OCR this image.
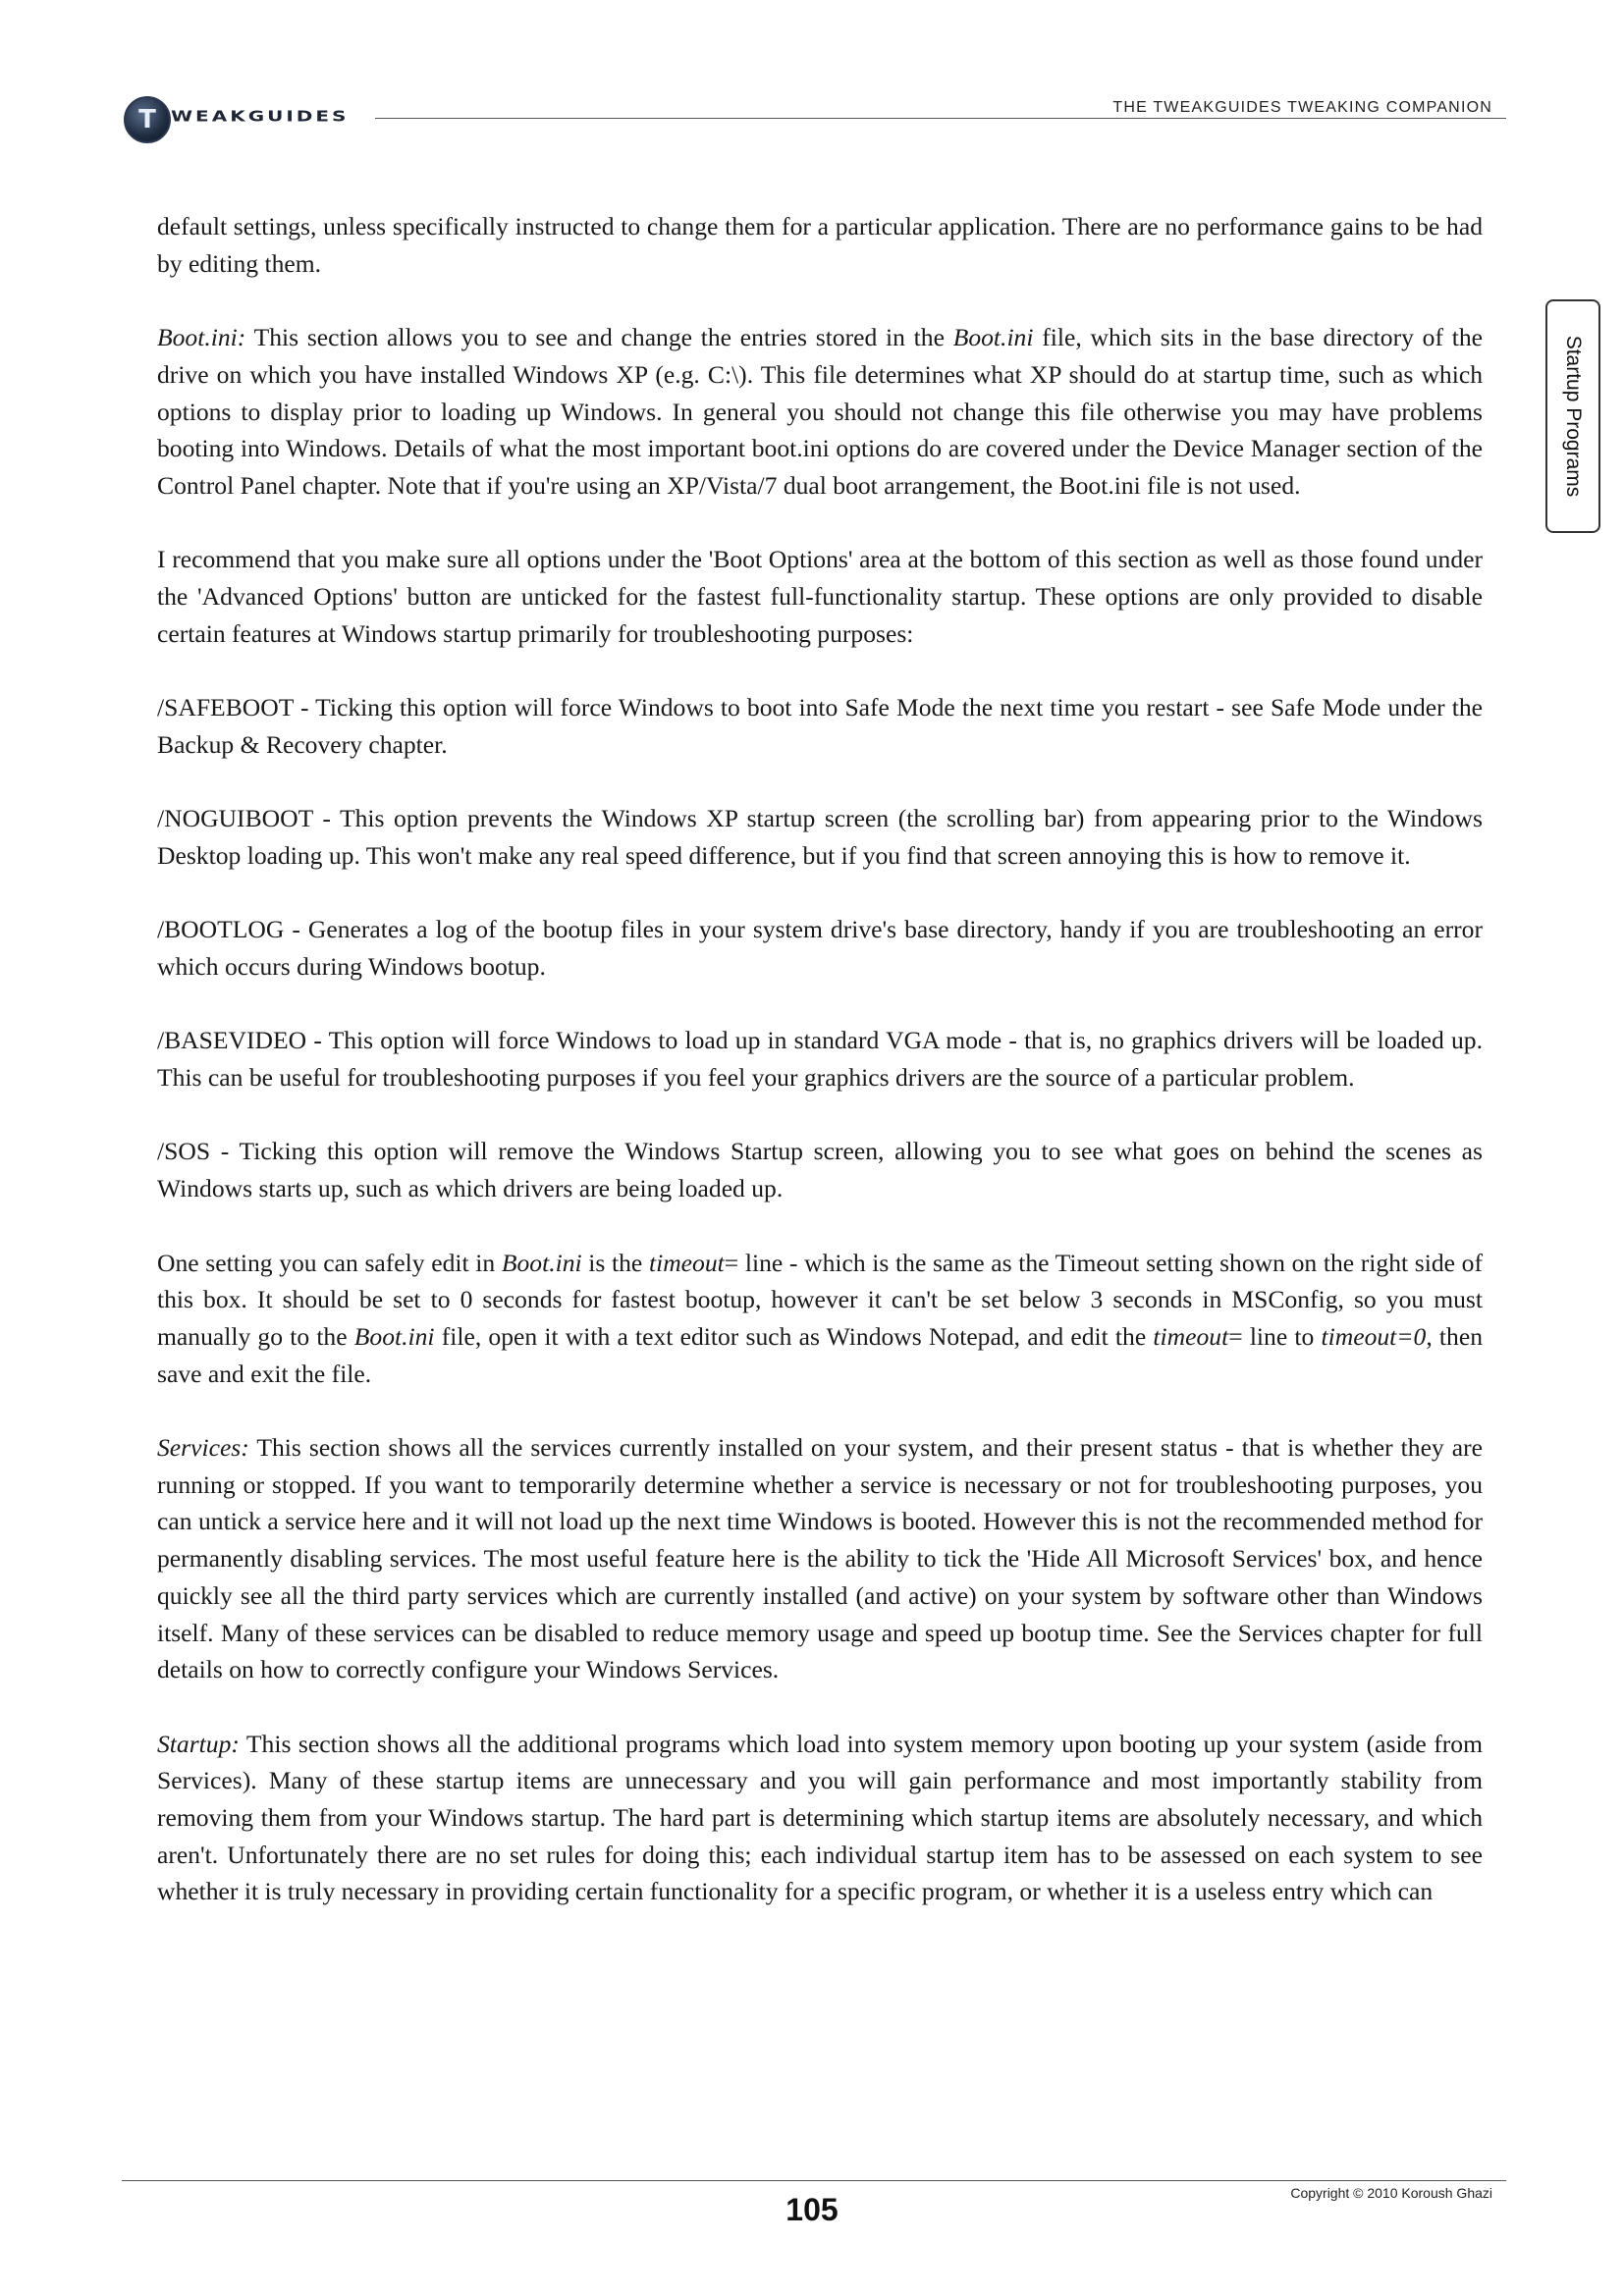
T WEAKGUIDES	THE TWEAKGUIDES TWEAKING COMPANION
Startup Programs

default settings, unless specifically instructed to change them for a particular application. There are no performance gains to be had by editing them.

Boot.ini: This section allows you to see and change the entries stored in the Boot.ini file, which sits in the base directory of the drive on which you have installed Windows XP (e.g. C:\). This file determines what XP should do at startup time, such as which options to display prior to loading up Windows. In general you should not change this file otherwise you may have problems booting into Windows. Details of what the most important boot.ini options do are covered under the Device Manager section of the Control Panel chapter. Note that if you're using an XP/Vista/7 dual boot arrangement, the Boot.ini file is not used.

I recommend that you make sure all options under the 'Boot Options' area at the bottom of this section as well as those found under the 'Advanced Options' button are unticked for the fastest full-functionality startup. These options are only provided to disable certain features at Windows startup primarily for troubleshooting purposes:

/SAFEBOOT - Ticking this option will force Windows to boot into Safe Mode the next time you restart - see Safe Mode under the Backup & Recovery chapter.

/NOGUIBOOT - This option prevents the Windows XP startup screen (the scrolling bar) from appearing prior to the Windows Desktop loading up. This won't make any real speed difference, but if you find that screen annoying this is how to remove it.

/BOOTLOG - Generates a log of the bootup files in your system drive's base directory, handy if you are troubleshooting an error which occurs during Windows bootup.

/BASEVIDEO - This option will force Windows to load up in standard VGA mode - that is, no graphics drivers will be loaded up. This can be useful for troubleshooting purposes if you feel your graphics drivers are the source of a particular problem.

/SOS - Ticking this option will remove the Windows Startup screen, allowing you to see what goes on behind the scenes as Windows starts up, such as which drivers are being loaded up.

One setting you can safely edit in Boot.ini is the timeout= line - which is the same as the Timeout setting shown on the right side of this box. It should be set to 0 seconds for fastest bootup, however it can't be set below 3 seconds in MSConfig, so you must manually go to the Boot.ini file, open it with a text editor such as Windows Notepad, and edit the timeout= line to timeout=0, then save and exit the file.

Services: This section shows all the services currently installed on your system, and their present status - that is whether they are running or stopped. If you want to temporarily determine whether a service is necessary or not for troubleshooting purposes, you can untick a service here and it will not load up the next time Windows is booted. However this is not the recommended method for permanently disabling services. The most useful feature here is the ability to tick the 'Hide All Microsoft Services' box, and hence quickly see all the third party services which are currently installed (and active) on your system by software other than Windows itself. Many of these services can be disabled to reduce memory usage and speed up bootup time. See the Services chapter for full details on how to correctly configure your Windows Services.

Startup: This section shows all the additional programs which load into system memory upon booting up your system (aside from Services). Many of these startup items are unnecessary and you will gain performance and most importantly stability from removing them from your Windows startup. The hard part is determining which startup items are absolutely necessary, and which aren't. Unfortunately there are no set rules for doing this; each individual startup item has to be assessed on each system to see whether it is truly necessary in providing certain functionality for a specific program, or whether it is a useless entry which can

105	Copyright © 2010 Koroush Ghazi
